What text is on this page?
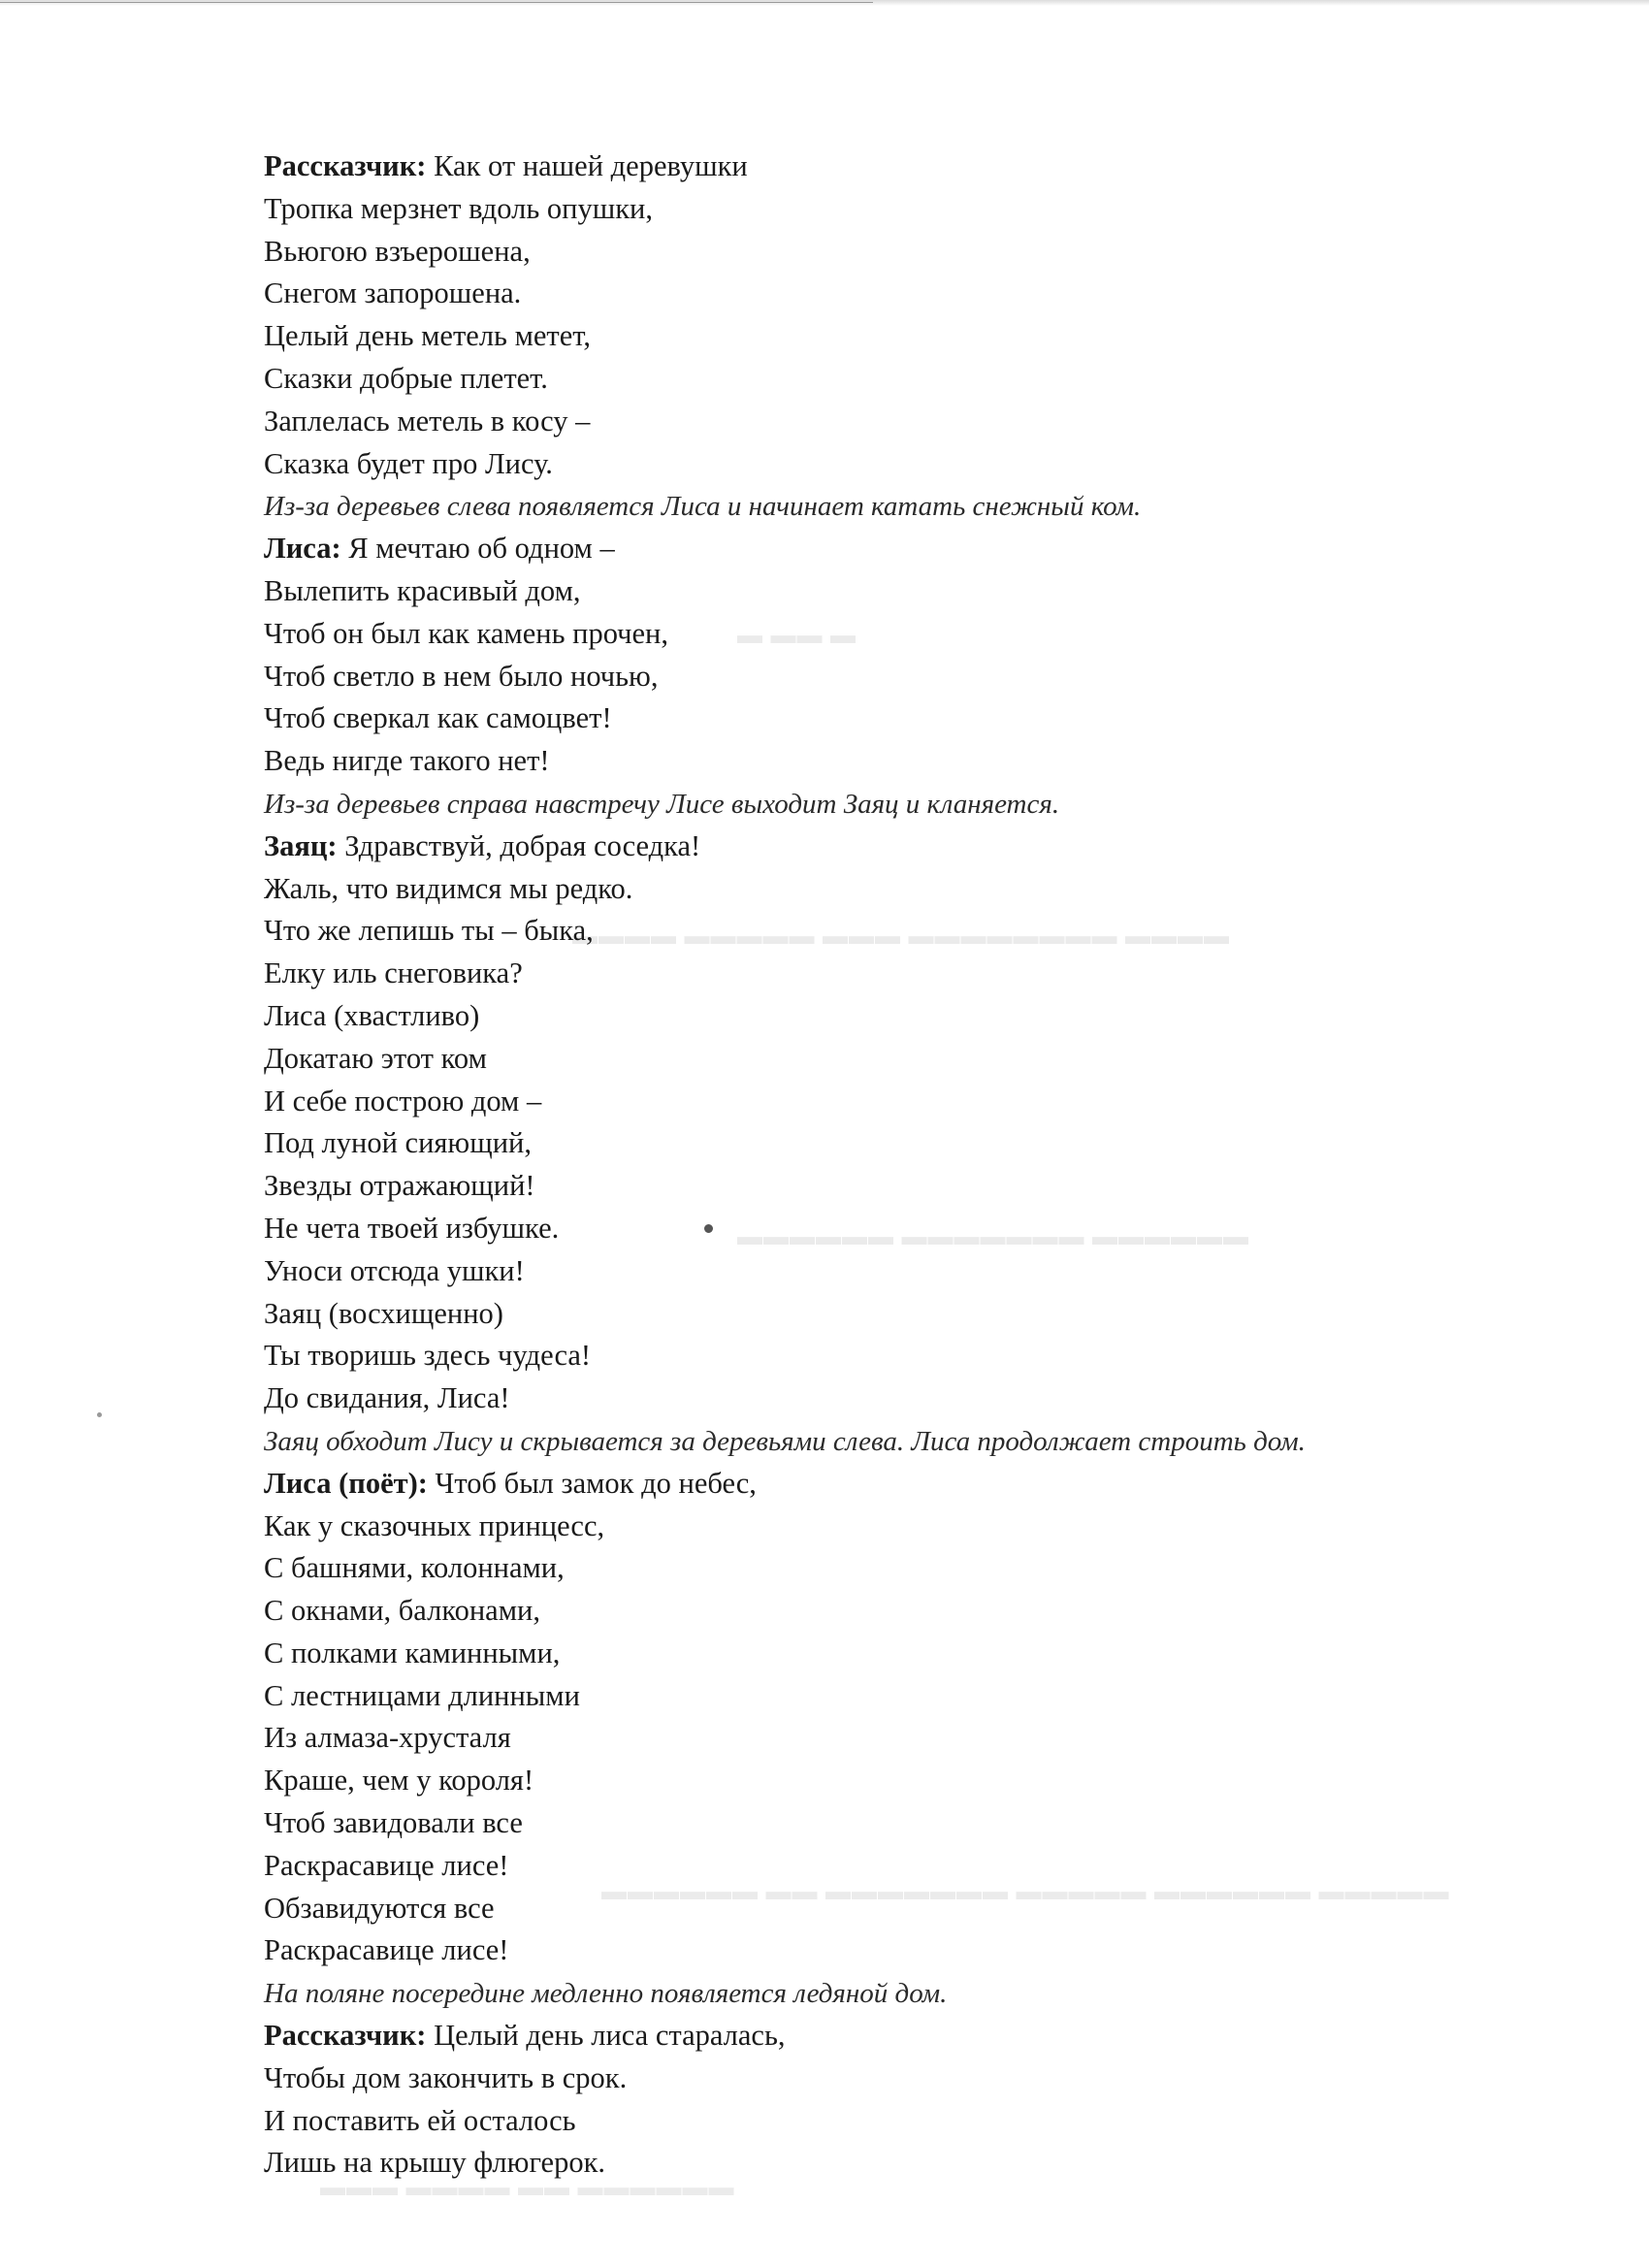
▬ ▬▬ ▬
▬▬▬▬ ▬▬▬▬▬ ▬▬▬ ▬▬▬▬▬▬▬▬ ▬▬▬▬
▬▬▬▬▬▬ ▬▬▬▬▬▬▬ ▬▬▬▬▬▬
▬▬▬▬▬▬ ▬▬ ▬▬▬▬▬▬▬ ▬▬▬▬▬ ▬▬▬▬▬▬ ▬▬▬▬▬
▬▬▬ ▬▬▬▬ ▬▬ ▬▬▬▬▬▬
Рассказчик: Как от нашей деревушки
Тропка мерзнет вдоль опушки,
Вьюгою взъерошена,
Снегом запорошена.
Целый день метель метет,
Сказки добрые плетет.
Заплелась метель в косу –
Сказка будет про Лису.
Из-за деревьев слева появляется Лиса и начинает катать снежный ком.
Лиса: Я мечтаю об одном –
Вылепить красивый дом,
Чтоб он был как камень прочен,
Чтоб светло в нем было ночью,
Чтоб сверкал как самоцвет!
Ведь нигде такого нет!
Из-за деревьев справа навстречу Лисе выходит Заяц и кланяется.
Заяц: Здравствуй, добрая соседка!
Жаль, что видимся мы редко.
Что же лепишь ты – быка,
Елку иль снеговика?
Лиса (хвастливо)
Докатаю этот ком
И себе построю дом –
Под луной сияющий,
Звезды отражающий!
Не чета твоей избушке.
Уноси отсюда ушки!
Заяц (восхищенно)
Ты творишь здесь чудеса!
До свидания, Лиса!
Заяц обходит Лису и скрывается за деревьями слева. Лиса продолжает строить дом.
Лиса (поёт): Чтоб был замок до небес,
Как у сказочных принцесс,
С башнями, колоннами,
С окнами, балконами,
С полками каминными,
С лестницами длинными
Из алмаза-хрусталя
Краше, чем у короля!
Чтоб завидовали все
Раскрасавице лисе!
Обзавидуются все
Раскрасавице лисе!
На поляне посередине медленно появляется ледяной дом.
Рассказчик: Целый день лиса старалась,
Чтобы дом закончить в срок.
И поставить ей осталось
Лишь на крышу флюгерок.
